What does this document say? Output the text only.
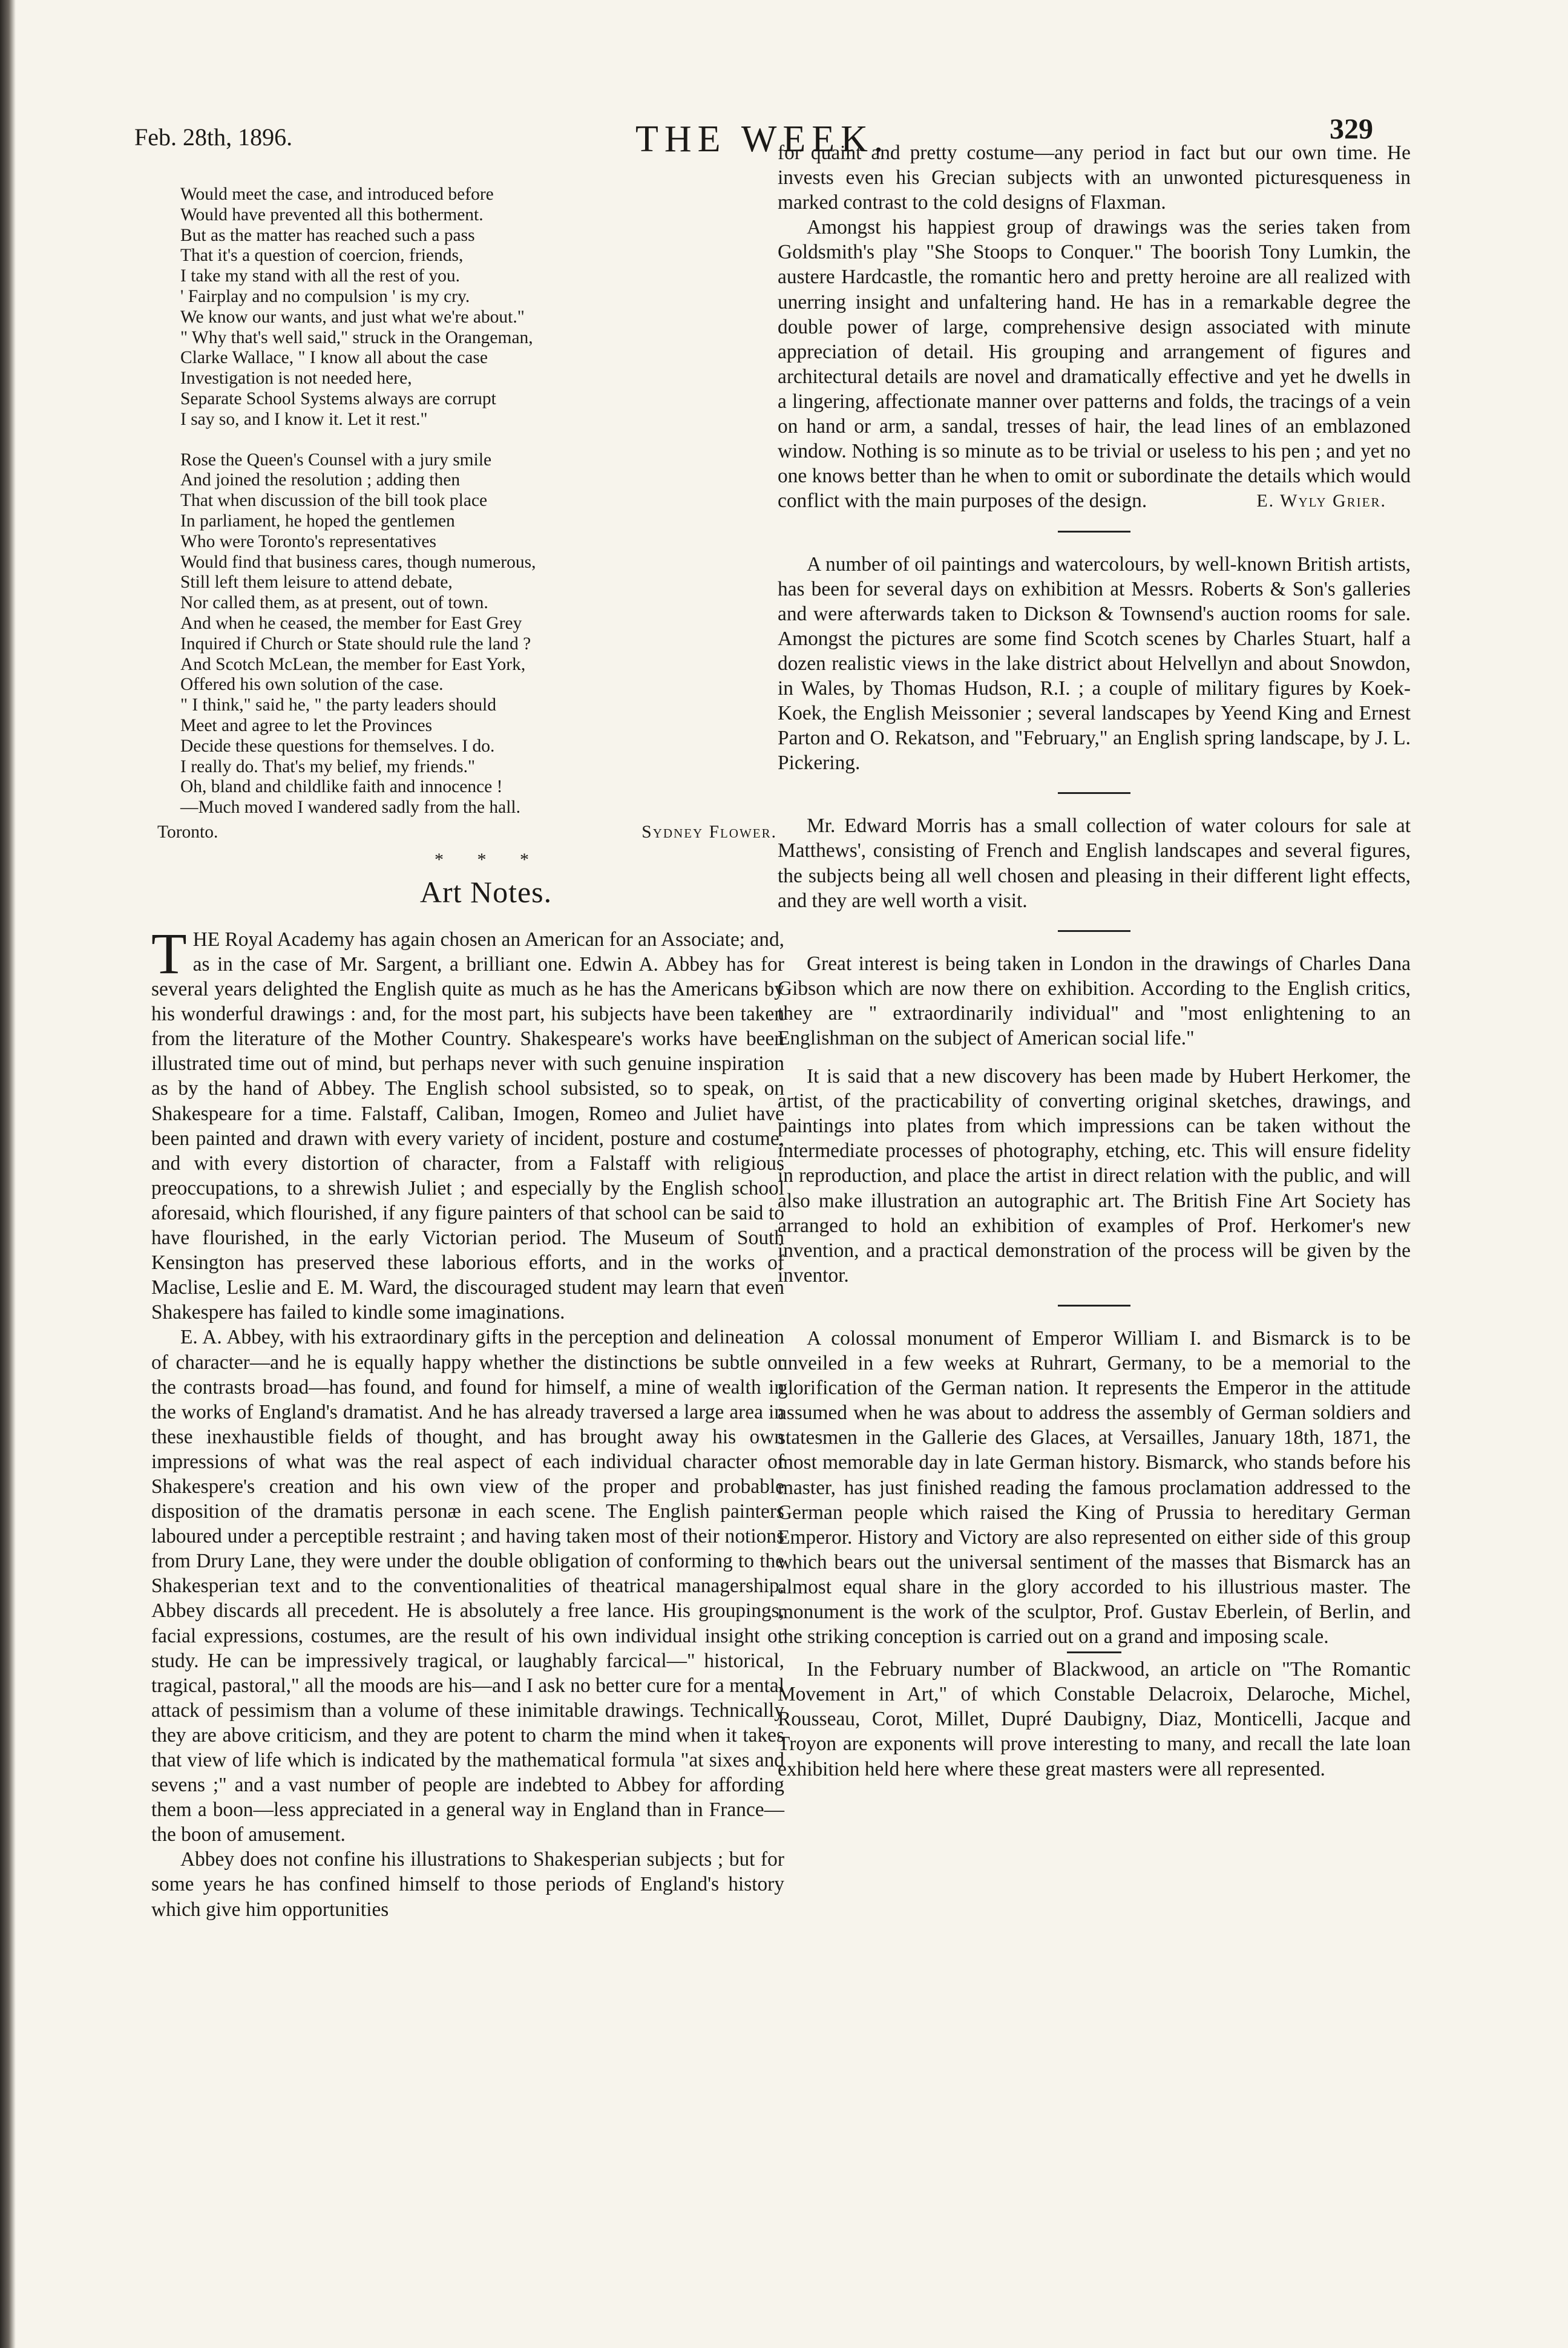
Feb. 28th, 1896.	THE WEEK.	329
Would meet the case, and introduced before
Would have prevented all this botherment.
But as the matter has reached such a pass
That it's a question of coercion, friends,
I take my stand with all the rest of you.
' Fairplay and no compulsion ' is my cry.
We know our wants, and just what we're about."
" Why that's well said," struck in the Orangeman,
Clarke Wallace, " I know all about the case
Investigation is not needed here,
Separate School Systems always are corrupt
I say so, and I know it. Let it rest."
Rose the Queen's Counsel with a jury smile
And joined the resolution ; adding then
That when discussion of the bill took place
In parliament, he hoped the gentlemen
Who were Toronto's representatives
Would find that business cares, though numerous,
Still left them leisure to attend debate,
Nor called them, as at present, out of town.
And when he ceased, the member for East Grey
Inquired if Church or State should rule the land ?
And Scotch McLean, the member for East York,
Offered his own solution of the case.
" I think," said he, " the party leaders should
Meet and agree to let the Provinces
Decide these questions for themselves. I do.
I really do. That's my belief, my friends."
Oh, bland and childlike faith and innocence !
—Much moved I wandered sadly from the hall.
Toronto.	Sydney Flower.
* * *
Art Notes.

THE Royal Academy has again chosen an American for an Associate; and, as in the case of Mr. Sargent, a brilliant one. Edwin A. Abbey has for several years delighted the English quite as much as he has the Americans by his wonderful drawings : and, for the most part, his subjects have been taken from the literature of the Mother Country. Shakespeare's works have been illustrated time out of mind, but perhaps never with such genuine inspiration as by the hand of Abbey. The English school subsisted, so to speak, on Shakespeare for a time. Falstaff, Caliban, Imogen, Romeo and Juliet have been painted and drawn with every variety of incident, posture and costume, and with every distortion of character, from a Falstaff with religious preoccupations, to a shrewish Juliet ; and especially by the English school aforesaid, which flourished, if any figure painters of that school can be said to have flourished, in the early Victorian period. The Museum of South Kensington has preserved these laborious efforts, and in the works of Maclise, Leslie and E. M. Ward, the discouraged student may learn that even Shakespere has failed to kindle some imaginations.

E. A. Abbey, with his extraordinary gifts in the perception and delineation of character—and he is equally happy whether the distinctions be subtle or the contrasts broad—has found, and found for himself, a mine of wealth in the works of England's dramatist. And he has already traversed a large area in these inexhaustible fields of thought, and has brought away his own impressions of what was the real aspect of each individual character of Shakespere's creation and his own view of the proper and probable disposition of the dramatis personæ in each scene. The English painters laboured under a perceptible restraint ; and having taken most of their notions from Drury Lane, they were under the double obligation of conforming to the Shakesperian text and to the conventionalities of theatrical managership. Abbey discards all precedent. He is absolutely a free lance. His groupings, facial expressions, costumes, are the result of his own individual insight or study. He can be impressively tragical, or laughably farcical—" historical, tragical, pastoral," all the moods are his—and I ask no better cure for a mental attack of pessimism than a volume of these inimitable drawings. Technically they are above criticism, and they are potent to charm the mind when it takes that view of life which is indicated by the mathematical formula "at sixes and sevens ;" and a vast number of people are indebted to Abbey for affording them a boon—less appreciated in a general way in England than in France—the boon of amusement.

Abbey does not confine his illustrations to Shakesperian subjects ; but for some years he has confined himself to those periods of England's history which give him opportunities

for quaint and pretty costume—any period in fact but our own time. He invests even his Grecian subjects with an unwonted picturesqueness in marked contrast to the cold designs of Flaxman.

Amongst his happiest group of drawings was the series taken from Goldsmith's play "She Stoops to Conquer." The boorish Tony Lumkin, the austere Hardcastle, the romantic hero and pretty heroine are all realized with unerring insight and unfaltering hand. He has in a remarkable degree the double power of large, comprehensive design associated with minute appreciation of detail. His grouping and arrangement of figures and architectural details are novel and dramatically effective and yet he dwells in a lingering, affectionate manner over patterns and folds, the tracings of a vein on hand or arm, a sandal, tresses of hair, the lead lines of an emblazoned window. Nothing is so minute as to be trivial or useless to his pen ; and yet no one knows better than he when to omit or subordinate the details which would conflict with the main purposes of the design.	E. Wyly Grier.

A number of oil paintings and watercolours, by well-known British artists, has been for several days on exhibition at Messrs. Roberts & Son's galleries and were afterwards taken to Dickson & Townsend's auction rooms for sale. Amongst the pictures are some find Scotch scenes by Charles Stuart, half a dozen realistic views in the lake district about Helvellyn and about Snowdon, in Wales, by Thomas Hudson, R.I. ; a couple of military figures by Koek-Koek, the English Meissonier ; several landscapes by Yeend King and Ernest Parton and O. Rekatson, and "February," an English spring landscape, by J. L. Pickering.

Mr. Edward Morris has a small collection of water colours for sale at Matthews', consisting of French and English landscapes and several figures, the subjects being all well chosen and pleasing in their different light effects, and they are well worth a visit.

Great interest is being taken in London in the drawings of Charles Dana Gibson which are now there on exhibition. According to the English critics, they are " extraordinarily individual" and "most enlightening to an Englishman on the subject of American social life."

It is said that a new discovery has been made by Hubert Herkomer, the artist, of the practicability of converting original sketches, drawings, and paintings into plates from which impressions can be taken without the intermediate processes of photography, etching, etc. This will ensure fidelity in reproduction, and place the artist in direct relation with the public, and will also make illustration an autographic art. The British Fine Art Society has arranged to hold an exhibition of examples of Prof. Herkomer's new invention, and a practical demonstration of the process will be given by the inventor.

A colossal monument of Emperor William I. and Bismarck is to be unveiled in a few weeks at Ruhrart, Germany, to be a memorial to the glorification of the German nation. It represents the Emperor in the attitude assumed when he was about to address the assembly of German soldiers and statesmen in the Gallerie des Glaces, at Versailles, January 18th, 1871, the most memorable day in late German history. Bismarck, who stands before his master, has just finished reading the famous proclamation addressed to the German people which raised the King of Prussia to hereditary German Emperor. History and Victory are also represented on either side of this group which bears out the universal sentiment of the masses that Bismarck has an almost equal share in the glory accorded to his illustrious master. The monument is the work of the sculptor, Prof. Gustav Eberlein, of Berlin, and the striking conception is carried out on a grand and imposing scale.

In the February number of Blackwood, an article on "The Romantic Movement in Art," of which Constable Delacroix, Delaroche, Michel, Rousseau, Corot, Millet, Dupré Daubigny, Diaz, Monticelli, Jacque and Troyon are exponents will prove interesting to many, and recall the late loan exhibition held here where these great masters were all represented.
